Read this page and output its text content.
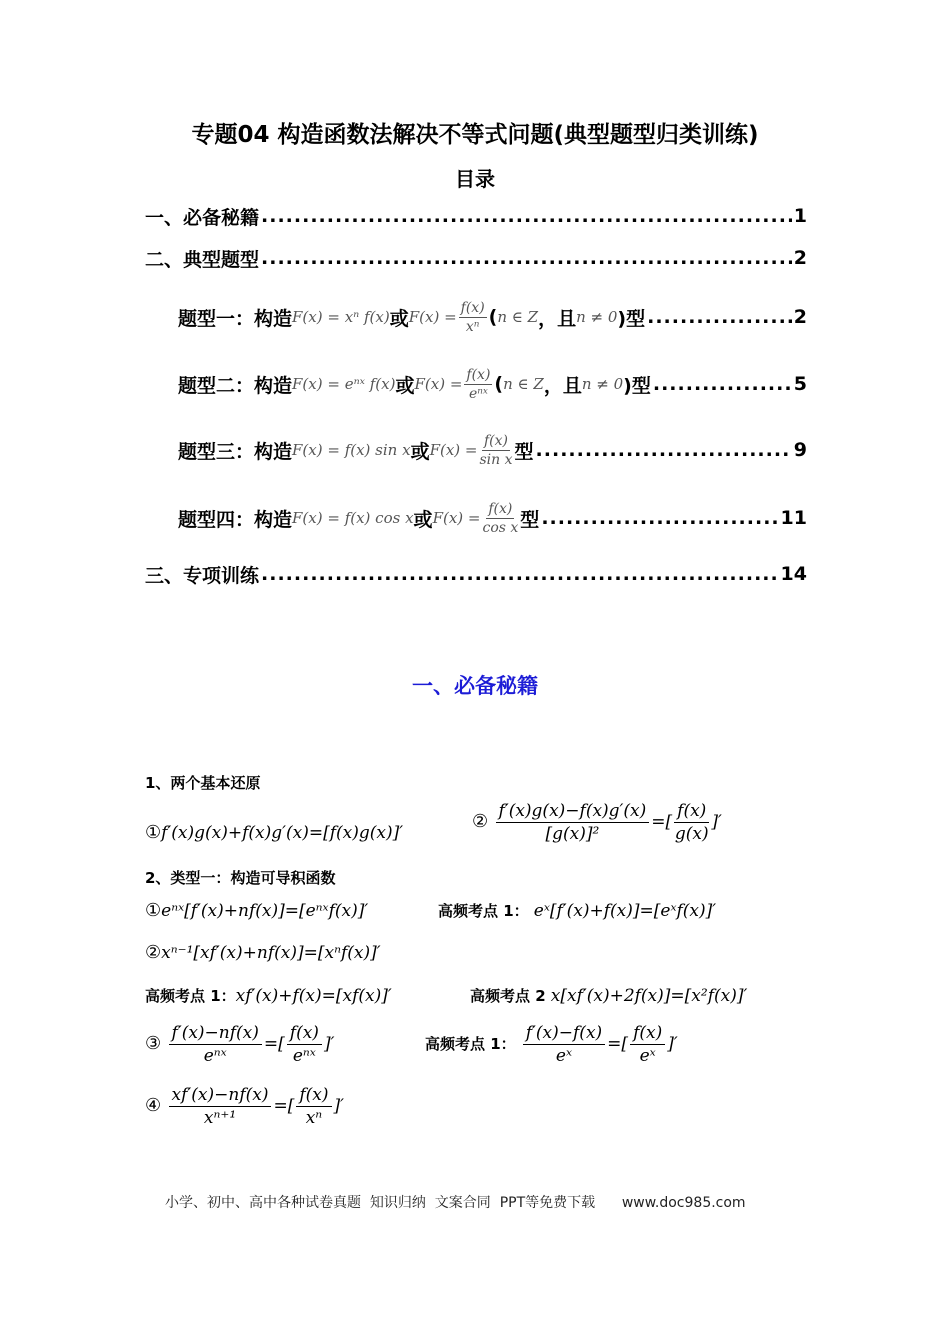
专题04 构造函数法解决不等式问题(典型题型归类训练)
目录
一、必备秘籍 .....	1
二、典型题型 .....	2
题型一：构造 F(x) = xⁿ f(x) 或 $F(x) = \frac{f(x)}{\text{xⁿ}}$ ( n ∈ Z ，且 n ≠ 0 )型 .....	2
题型二：构造 F(x) = eⁿˣ f(x) 或 F(x) =
f(x)
eⁿˣ ( n ∈ Z ，且 n ≠ 0 )型 .....	5
题型三：构造 F(x) = f(x) sin x 或 $F(x) = \frac{f(x)}{\text{sin x}}$ 型 .....	9
题型四：构造 F(x) = f(x) cos x 或 $F(x) = \frac{f(x)}{\text{cos x}}$ 型 .....	11
三、专项训练 .....	14
一、必备秘籍
1、两个基本还原
①f′(x)g(x)+f(x)g′(x)=[f(x)g(x)]′
② $\frac{f'(x)g(x)-f(x)g'(x)}{\text{[g(x)]²}}$ =[ $\frac{f(x)}{g(x)}$ ]′
2、类型一：构造可导积函数
①eⁿˣ[f′(x)+nf(x)]=[eⁿˣf(x)]′	高频考点 1： eˣ[f′(x)+f(x)]=[eˣf(x)]′
②xⁿ⁻¹[xf′(x)+nf(x)]=[xⁿf(x)]′
高频考点 1：xf′(x)+f(x)=[xf(x)]′	高频考点 2 x[xf′(x)+2f(x)]=[x²f(x)]′
③ f′(x)−nf(x)
eⁿˣ
=[
f(x)
eⁿˣ
]′	高频考点 1： $\frac{f'(x)-f(x)}{\text{eˣ}}$ =[ $\frac{f(x)}{\text{eˣ}}$ ]′
④ $\frac{xf'(x)-nf(x)}{\text{xⁿ⁺¹}}$ =[ $\frac{f(x)}{\text{xⁿ}}$ ]′
小学、初中、高中各种试卷真题  知识归纳  文案合同  PPT等免费下载      www.doc985.com
